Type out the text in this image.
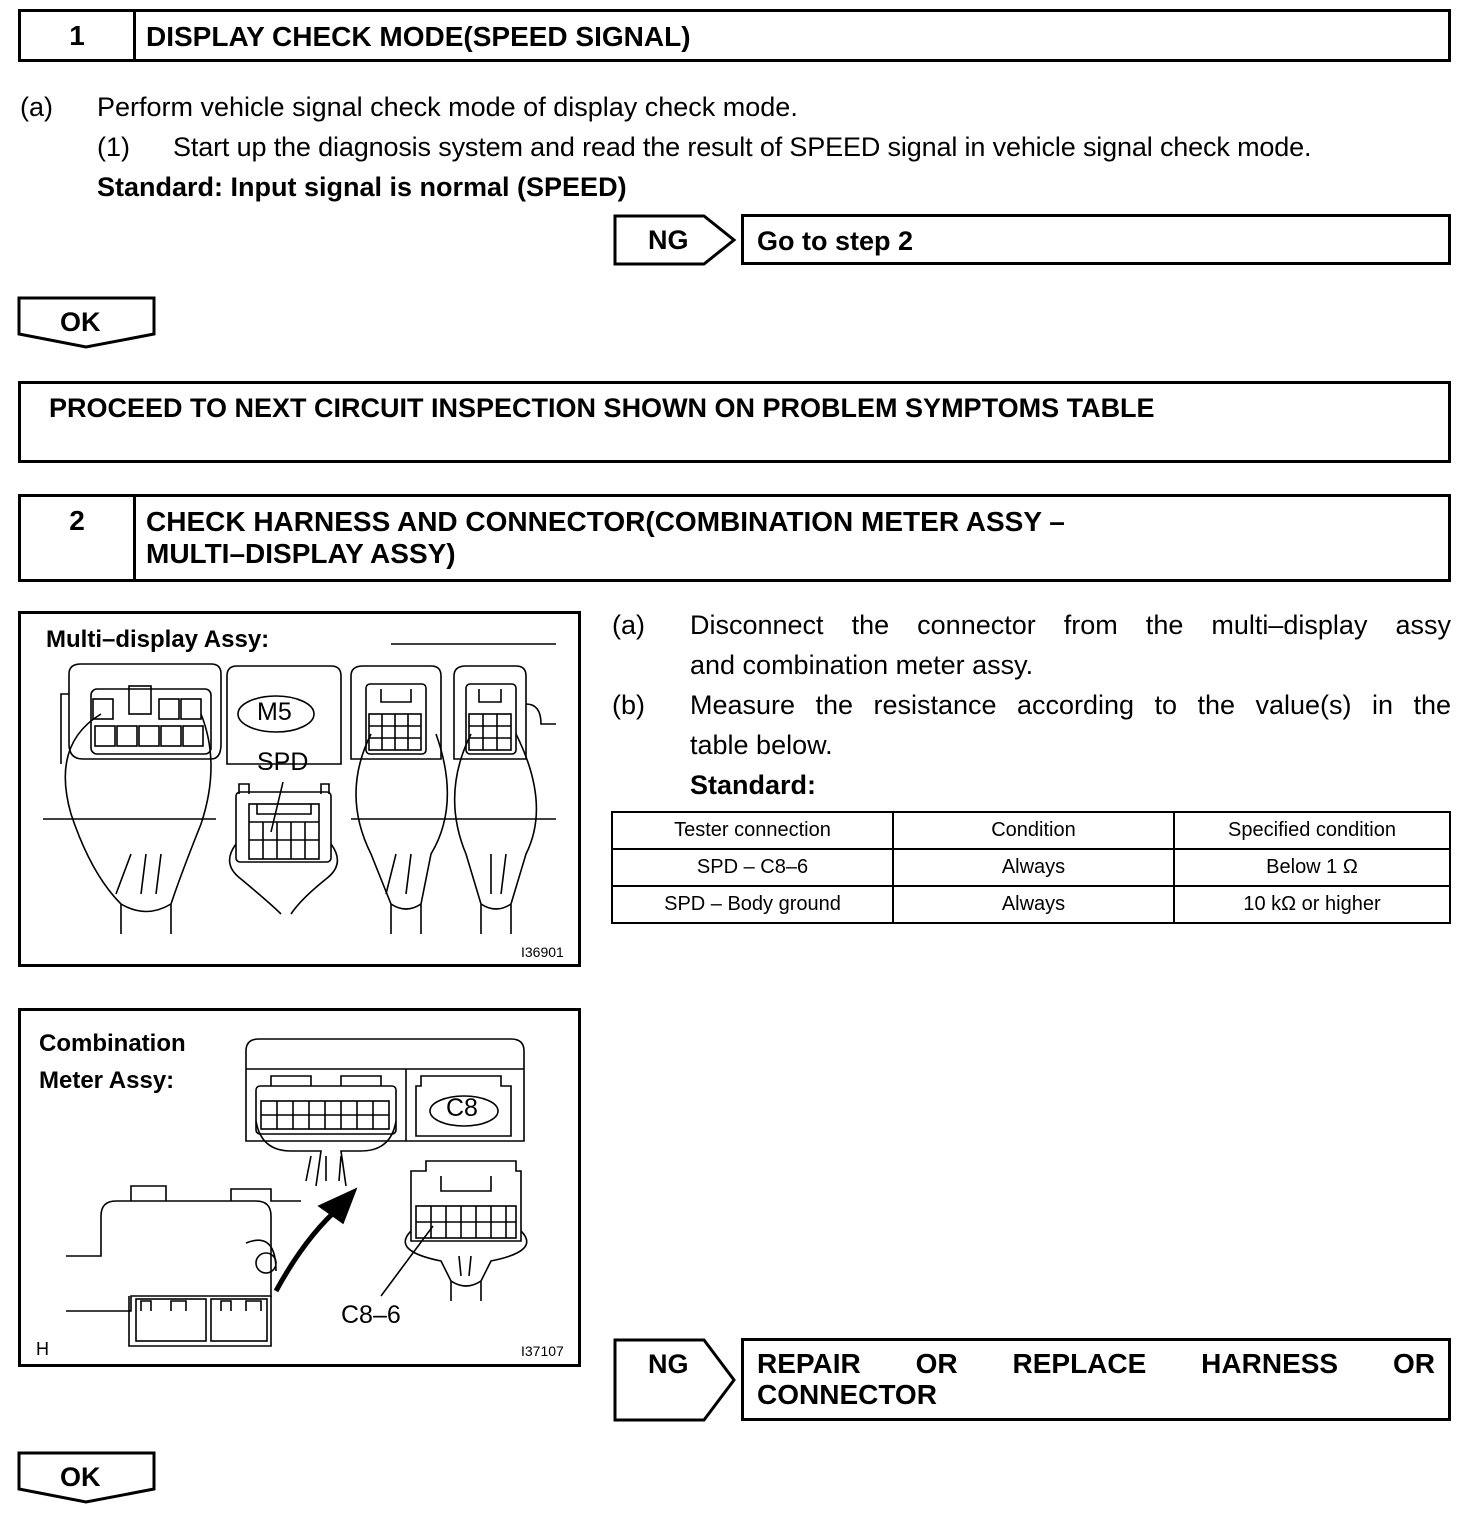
1 DISPLAY CHECK MODE(SPEED SIGNAL)
(a) Perform vehicle signal check mode of display check mode.
(1) Start up the diagnosis system and read the result of SPEED signal in vehicle signal check mode.
Standard: Input signal is normal (SPEED)
NG	Go to step 2
OK
PROCEED TO NEXT CIRCUIT INSPECTION SHOWN ON PROBLEM SYMPTOMS TABLE
2 CHECK HARNESS AND CONNECTOR(COMBINATION METER ASSY –
MULTI–DISPLAY ASSY)
(a) Disconnect the connector from the multi–display assy
and combination meter assy.
(b) Measure the resistance according to the value(s) in the
table below.
Standard:
Tester connection	Condition	Specified condition
SPD – C8–6	Always	Below 1 Ω
SPD – Body ground	Always	10 kΩ or higher
Multi–display Assy:
M5
SPD
I36901
Combination
Meter Assy:
C8
C8–6
H	I37107	NG REPAIR OR REPLACE HARNESS OR
CONNECTOR
OK
